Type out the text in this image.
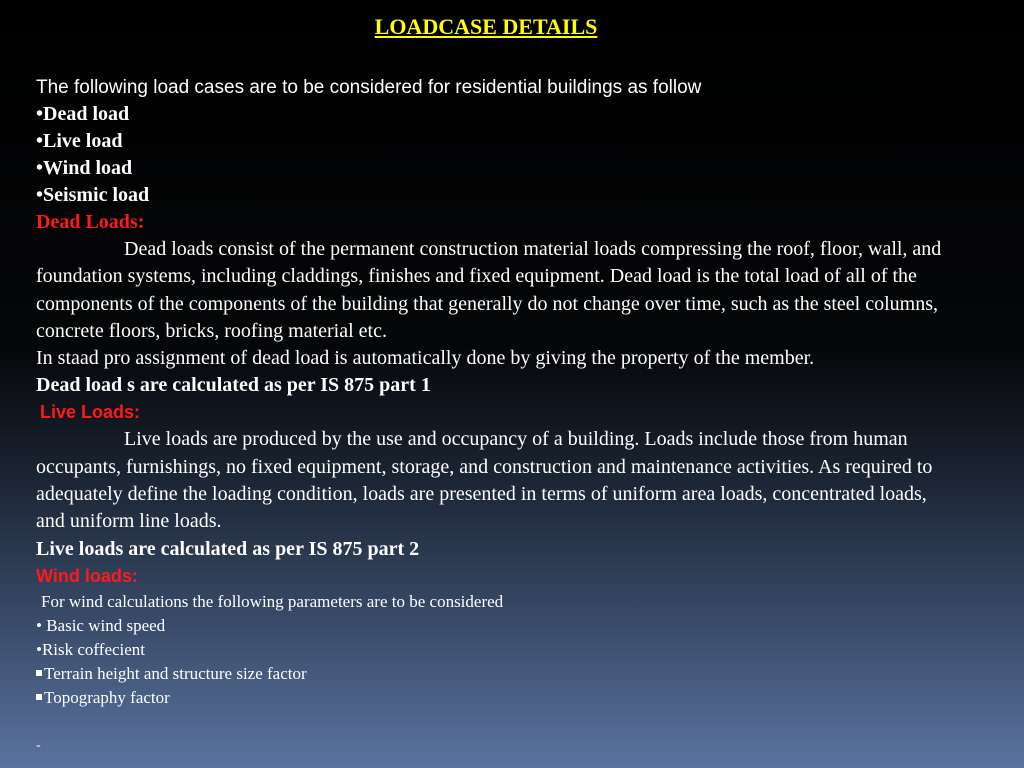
LOADCASE DETAILS
The following load cases are to be considered for residential buildings as follow
•Dead load
•Live load
•Wind load
•Seismic load
Dead Loads:
Dead loads consist of the permanent construction material loads compressing the roof, floor, wall, and foundation systems, including claddings, finishes and fixed equipment. Dead load is the total load of all of the components of the components of the building that generally do not change over time, such as the steel columns, concrete floors, bricks, roofing material etc.
In staad pro assignment of dead load is automatically done by giving the property of the member.
Dead load s are calculated as per IS 875 part 1
Live Loads:
Live loads are produced by the use and occupancy of a building. Loads include those from human occupants, furnishings, no fixed equipment, storage, and construction and maintenance activities. As required to adequately define the loading condition, loads are presented in terms of uniform area loads, concentrated loads, and uniform line loads.
Live loads are calculated as per IS 875 part 2
Wind loads:
For wind calculations the following parameters are to be considered
• Basic wind speed
•Risk coffecient
Terrain height and structure size factor
Topography factor
-
